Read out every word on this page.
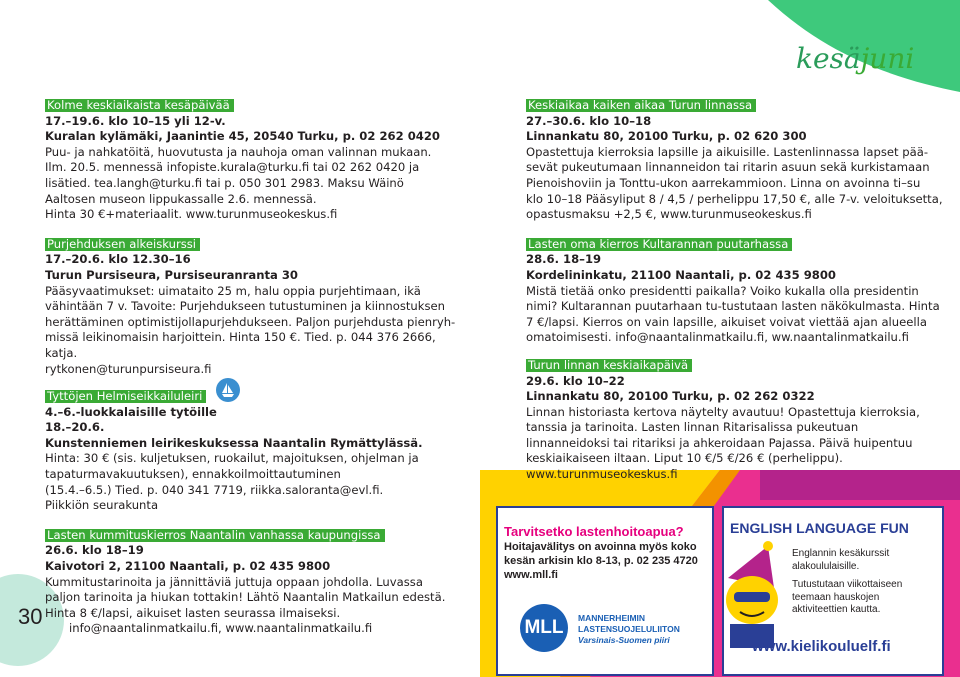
kesäjuni
30
Kolme keskiaikaista kesäpäivää

17.–19.6. klo 10–15 yli 12-v.

Kuralan kylämäki, Jaanintie 45, 20540 Turku, p. 02 262 0420

Puu- ja nahkatöitä, huovutusta ja nauhoja oman valinnan mukaan.

Ilm. 20.5. mennessä infopiste.kurala@turku.fi tai 02 262 0420 ja

lisätied. tea.langh@turku.fi tai p. 050 301 2983. Maksu Wäinö

Aaltosen museon lippukassalle 2.6. mennessä.

Hinta 30 €+materiaalit. www.turunmuseokeskus.fi

Purjehduksen alkeiskurssi

17.–20.6. klo 12.30–16

Turun Pursiseura, Pursiseuranranta 30

Pääsyvaatimukset: uimataito 25 m, halu oppia purjehtimaan, ikä

vähintään 7 v. Tavoite: Purjehdukseen tutustuminen ja kiinnostuksen

herättäminen optimistijollapurjehdukseen. Paljon purjehdusta pienryh-

missä leikinomaisin harjoittein. Hinta 150 €. Tied. p. 044 376 2666, katja.

rytkonen@turunpursiseura.fi

Tyttöjen Helmiseikkailuleiri

4.–6.-luokkalaisille tytöille

18.–20.6.

Kunstenniemen leirikeskuksessa Naantalin Rymättylässä.

Hinta: 30 € (sis. kuljetuksen, ruokailut, majoituksen, ohjelman ja

tapaturmavakuutuksen), ennakkoilmoittautuminen

(15.4.–6.5.) Tied. p. 040 341 7719, riikka.saloranta@evl.fi.

Piikkiön seurakunta

Lasten kummituskierros Naantalin vanhassa kaupungissa

26.6. klo 18–19

Kaivotori 2, 21100 Naantali, p. 02 435 9800

Kummitustarinoita ja jännittäviä juttuja oppaan johdolla. Luvassa

paljon tarinoita ja hiukan tottakin! Lähtö Naantalin Matkailun edestä.

Hinta 8 €/lapsi, aikuiset lasten seurassa ilmaiseksi.

info@naantalinmatkailu.fi, www.naantalinmatkailu.fi

Keskiaikaa kaiken aikaa Turun linnassa

27.–30.6. klo 10–18

Linnankatu 80, 20100 Turku, p. 02 620 300

Opastettuja kierroksia lapsille ja aikuisille. Lastenlinnassa lapset pää-

sevät pukeutumaan linnanneidon tai ritarin asuun sekä kurkistamaan

Pienoishoviin ja Tonttu-ukon aarrekammioon. Linna on avoinna ti–su

klo 10–18 Pääsyliput 8 / 4,5 / perhelippu 17,50 €, alle 7-v. veloituksetta,

opastusmaksu +2,5 €, www.turunmuseokeskus.fi

Lasten oma kierros Kultarannan puutarhassa

28.6. 18–19

Kordelininkatu, 21100 Naantali, p. 02 435 9800

Mistä tietää onko presidentti paikalla? Voiko kukalla olla presidentin

nimi? Kultarannan puutarhaan tu-tustutaan lasten näkökulmasta. Hinta

7 €/lapsi. Kierros on vain lapsille, aikuiset voivat viettää ajan alueella

omatoimisesti. info@naantalinmatkailu.fi, ww.naantalinmatkailu.fi

Turun linnan keskiaikapäivä

29.6. klo 10–22

Linnankatu 80, 20100 Turku, p. 02 262 0322

Linnan historiasta kertova näytelty avautuu! Opastettuja kierroksia,

tanssia ja tarinoita. Lasten linnan Ritarisalissa pukeutuan

linnanneidoksi tai ritariksi ja ahkeroidaan Pajassa. Päivä huipentuu

keskiaikaiseen iltaan. Liput 10 €/5 €/26 € (perhelippu).

www.turunmuseokeskus.fi

Tarvitsetko lastenhoitoapua?
Hoitajavälitys on avoinna myös koko
kesän arkisin klo 8-13, p. 02 235 4720
www.mll.fi
MLL	MANNERHEIMIN
LASTENSUOJELULIITON
Varsinais-Suomen piiri
ENGLISH LANGUAGE FUN
Englannin kesäkurssit
alakoululaisille.
Tutustutaan viikottaiseen
teemaan hauskojen
aktiviteettien kautta.
www.kielikouluelf.fi
